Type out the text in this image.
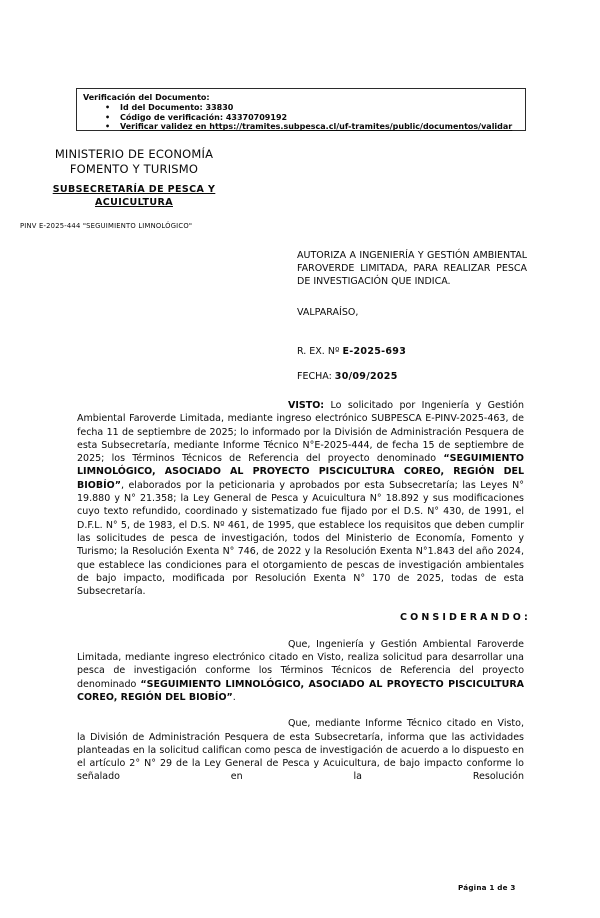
Verificación del Documento:
• Id del Documento: 33830
• Código de verificación: 43370709192
• Verificar validez en https://tramites.subpesca.cl/uf-tramites/public/documentos/validar
MINISTERIO DE ECONOMÍA
FOMENTO Y TURISMO
SUBSECRETARÍA DE PESCA Y ACUICULTURA
PINV E-2025-444 "SEGUIMIENTO LIMNOLÓGICO"
AUTORIZA A INGENIERÍA Y GESTIÓN AMBIENTAL FAROVERDE LIMITADA, PARA REALIZAR PESCA DE INVESTIGACIÓN QUE INDICA.
VALPARAÍSO,
R. EX. Nº E-2025-693
FECHA: 30/09/2025

VISTO: Lo solicitado por Ingeniería y Gestión Ambiental Faroverde Limitada, mediante ingreso electrónico SUBPESCA E-PINV-2025-463, de fecha 11 de septiembre de 2025; lo informado por la División de Administración Pesquera de esta Subsecretaría, mediante Informe Técnico N°E-2025-444, de fecha 15 de septiembre de 2025; los Términos Técnicos de Referencia del proyecto denominado “SEGUIMIENTO LIMNOLÓGICO, ASOCIADO AL PROYECTO PISCICULTURA COREO, REGIÓN DEL BIOBÍO”, elaborados por la peticionaria y aprobados por esta Subsecretaría; las Leyes N° 19.880 y N° 21.358; la Ley General de Pesca y Acuicultura N° 18.892 y sus modificaciones cuyo texto refundido, coordinado y sistematizado fue fijado por el D.S. N° 430, de 1991, el D.F.L. N° 5, de 1983, el D.S. Nº 461, de 1995, que establece los requisitos que deben cumplir las solicitudes de pesca de investigación, todos del Ministerio de Economía, Fomento y Turismo; la Resolución Exenta N° 746, de 2022 y la Resolución Exenta N°1.843 del año 2024, que establece las condiciones para el otorgamiento de pescas de investigación ambientales de bajo impacto, modificada por Resolución Exenta N° 170 de 2025, todas de esta Subsecretaría.

CONSIDERANDO:

Que, Ingeniería y Gestión Ambiental Faroverde Limitada, mediante ingreso electrónico citado en Visto, realiza solicitud para desarrollar una pesca de investigación conforme los Términos Técnicos de Referencia del proyecto denominado “SEGUIMIENTO LIMNOLÓGICO, ASOCIADO AL PROYECTO PISCICULTURA COREO, REGIÓN DEL BIOBÍO”.

Que, mediante Informe Técnico citado en Visto, la División de Administración Pesquera de esta Subsecretaría, informa que las actividades planteadas en la solicitud califican como pesca de investigación de acuerdo a lo dispuesto en el artículo 2° N° 29 de la Ley General de Pesca y Acuicultura, de bajo impacto conforme lo señalado en la Resolución

Página 1 de 3
